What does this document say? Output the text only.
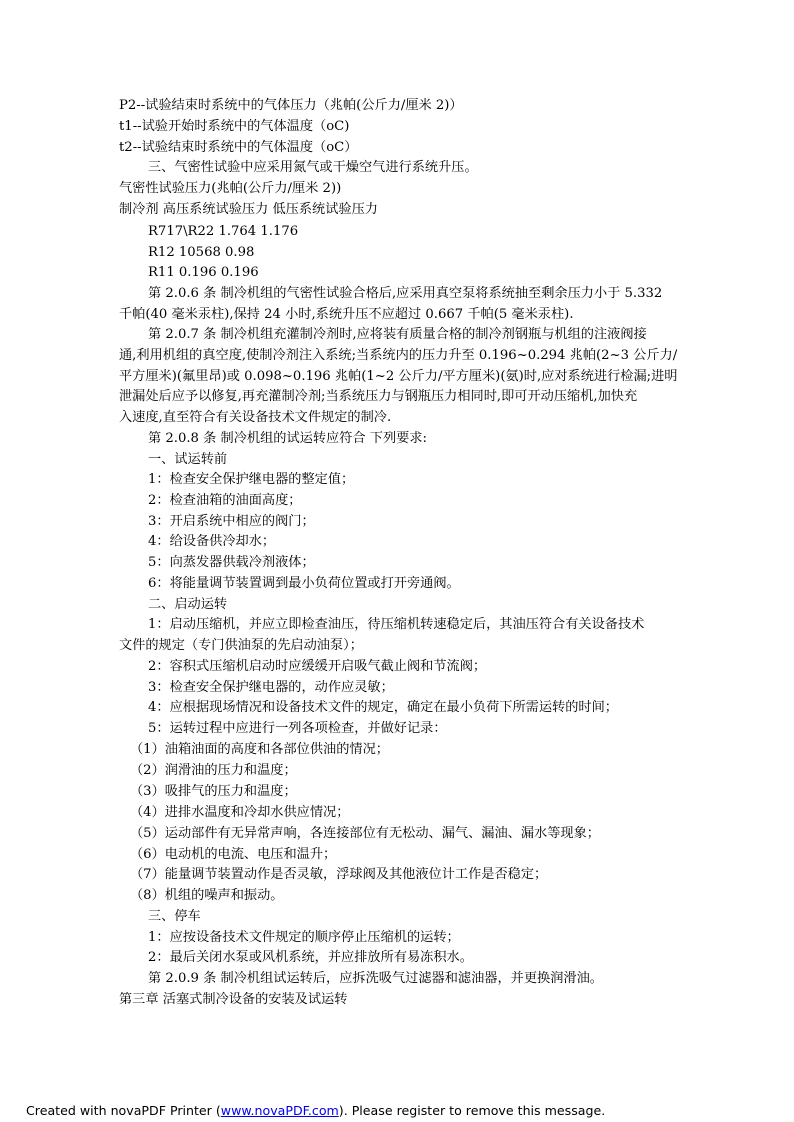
P2--试验结束时系统中的气体压力（兆帕(公斤力/厘米 2)）
t1--试验开始时系统中的气体温度（oC)
t2--试验结束时系统中的气体温度（oC）
三、气密性试验中应采用氮气或干燥空气进行系统升压。
气密性试验压力(兆帕(公斤力/厘米 2))
制冷剂 高压系统试验压力 低压系统试验压力
R717\R22 1.764 1.176
R12 10568 0.98
R11 0.196 0.196
第 2.0.6 条 制冷机组的气密性试验合格后,应采用真空泵将系统抽至剩余压力小于 5.332
千帕(40 毫米汞柱),保持 24 小时,系统升压不应超过 0.667 千帕(5 毫米汞柱).
第 2.0.7 条 制冷机组充灌制冷剂时,应将装有质量合格的制冷剂钢瓶与机组的注液阀接
通,利用机组的真空度,使制冷剂注入系统;当系统内的压力升至 0.196~0.294 兆帕(2~3 公斤力/
平方厘米)(氟里昂)或 0.098~0.196 兆帕(1~2 公斤力/平方厘米)(氨)时,应对系统进行检漏;进明
泄漏处后应予以修复,再充灌制冷剂;当系统压力与钢瓶压力相同时,即可开动压缩机,加快充
入速度,直至符合有关设备技术文件规定的制冷.
第 2.0.8 条 制冷机组的试运转应符合 下列要求:
一、试运转前
1：检查安全保护继电器的整定值；
2：检查油箱的油面高度；
3：开启系统中相应的阀门；
4：给设备供冷却水；
5：向蒸发器供载冷剂液体；
6：将能量调节装置调到最小负荷位置或打开旁通阀。
二、启动运转
1：启动压缩机，并应立即检查油压，待压缩机转速稳定后，其油压符合有关设备技术
文件的规定（专门供油泵的先启动油泵）；
2：容积式压缩机启动时应缓缓开启吸气截止阀和节流阀；
3：检查安全保护继电器的，动作应灵敏；
4：应根据现场情况和设备技术文件的规定，确定在最小负荷下所需运转的时间；
5：运转过程中应进行一列各项检查，并做好记录：
（1）油箱油面的高度和各部位供油的情况；
（2）润滑油的压力和温度；
（3）吸排气的压力和温度；
（4）进排水温度和冷却水供应情况；
（5）运动部件有无异常声响，各连接部位有无松动、漏气、漏油、漏水等现象；
（6）电动机的电流、电压和温升；
（7）能量调节装置动作是否灵敏，浮球阀及其他液位计工作是否稳定；
（8）机组的噪声和振动。
三、停车
1：应按设备技术文件规定的顺序停止压缩机的运转；
2：最后关闭水泵或风机系统，并应排放所有易冻积水。
第 2.0.9 条 制冷机组试运转后，应拆洗吸气过滤器和滤油器，并更换润滑油。
第三章 活塞式制冷设备的安装及试运转
Created with novaPDF Printer (www.novaPDF.com). Please register to remove this message.
